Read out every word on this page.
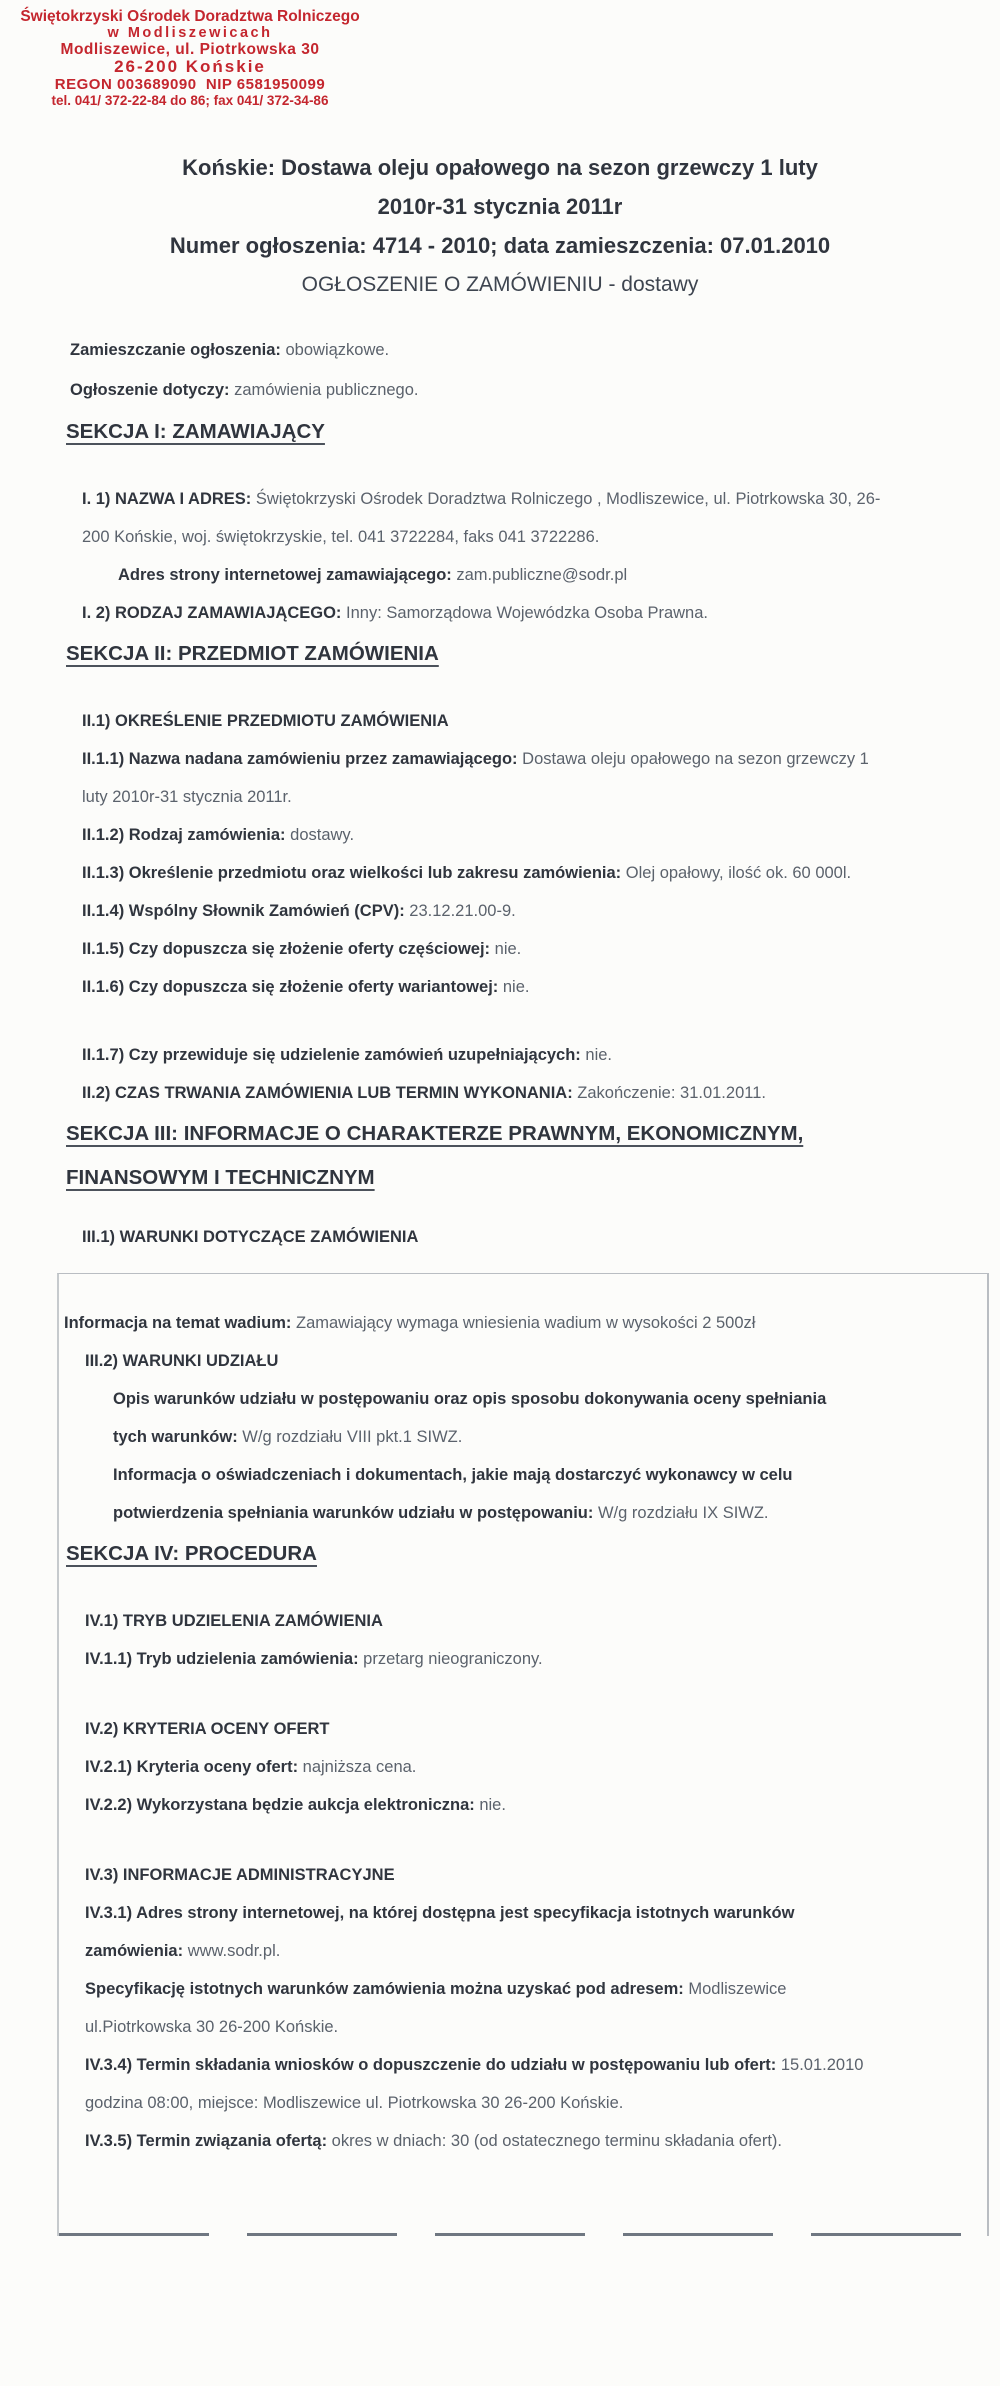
Świętokrzyski Ośrodek Doradztwa Rolniczego
w Modliszewicach
Modliszewice, ul. Piotrkowska 30
26-200 Końskie
REGON 003689090  NIP 6581950099
tel. 041/ 372-22-84 do 86; fax 041/ 372-34-86
Końskie: Dostawa oleju opałowego na sezon grzewczy 1 luty
2010r-31 stycznia 2011r
Numer ogłoszenia: 4714 - 2010; data zamieszczenia: 07.01.2010
OGŁOSZENIE O ZAMÓWIENIU - dostawy

Zamieszczanie ogłoszenia: obowiązkowe.

Ogłoszenie dotyczy: zamówienia publicznego.

SEKCJA I: ZAMAWIAJĄCY

I. 1) NAZWA I ADRES: Świętokrzyski Ośrodek Doradztwa Rolniczego , Modliszewice, ul. Piotrkowska 30, 26-200 Końskie, woj. świętokrzyskie, tel. 041 3722284, faks 041 3722286.

Adres strony internetowej zamawiającego: zam.publiczne@sodr.pl

I. 2) RODZAJ ZAMAWIAJĄCEGO: Inny: Samorządowa Wojewódzka Osoba Prawna.

SEKCJA II: PRZEDMIOT ZAMÓWIENIA

II.1) OKREŚLENIE PRZEDMIOTU ZAMÓWIENIA

II.1.1) Nazwa nadana zamówieniu przez zamawiającego: Dostawa oleju opałowego na sezon grzewczy 1 luty 2010r-31 stycznia 2011r.

II.1.2) Rodzaj zamówienia: dostawy.

II.1.3) Określenie przedmiotu oraz wielkości lub zakresu zamówienia: Olej opałowy, ilość ok. 60 000l.

II.1.4) Wspólny Słownik Zamówień (CPV): 23.12.21.00-9.

II.1.5) Czy dopuszcza się złożenie oferty częściowej: nie.

II.1.6) Czy dopuszcza się złożenie oferty wariantowej: nie.

II.1.7) Czy przewiduje się udzielenie zamówień uzupełniających: nie.

II.2) CZAS TRWANIA ZAMÓWIENIA LUB TERMIN WYKONANIA: Zakończenie: 31.01.2011.

SEKCJA III: INFORMACJE O CHARAKTERZE PRAWNYM, EKONOMICZNYM,
FINANSOWYM I TECHNICZNYM

III.1) WARUNKI DOTYCZĄCE ZAMÓWIENIA

Informacja na temat wadium: Zamawiający wymaga wniesienia wadium w wysokości 2 500zł

III.2) WARUNKI UDZIAŁU

Opis warunków udziału w postępowaniu oraz opis sposobu dokonywania oceny spełniania tych warunków: W/g rozdziału VIII pkt.1 SIWZ.

Informacja o oświadczeniach i dokumentach, jakie mają dostarczyć wykonawcy w celu potwierdzenia spełniania warunków udziału w postępowaniu: W/g rozdziału IX SIWZ.

SEKCJA IV: PROCEDURA

IV.1) TRYB UDZIELENIA ZAMÓWIENIA

IV.1.1) Tryb udzielenia zamówienia: przetarg nieograniczony.

IV.2) KRYTERIA OCENY OFERT

IV.2.1) Kryteria oceny ofert: najniższa cena.

IV.2.2) Wykorzystana będzie aukcja elektroniczna: nie.

IV.3) INFORMACJE ADMINISTRACYJNE

IV.3.1) Adres strony internetowej, na której dostępna jest specyfikacja istotnych warunków zamówienia: www.sodr.pl.

Specyfikację istotnych warunków zamówienia można uzyskać pod adresem: Modliszewice ul.Piotrkowska 30 26-200 Końskie.

IV.3.4) Termin składania wniosków o dopuszczenie do udziału w postępowaniu lub ofert: 15.01.2010 godzina 08:00, miejsce: Modliszewice ul. Piotrkowska 30 26-200 Końskie.

IV.3.5) Termin związania ofertą: okres w dniach: 30 (od ostatecznego terminu składania ofert).
